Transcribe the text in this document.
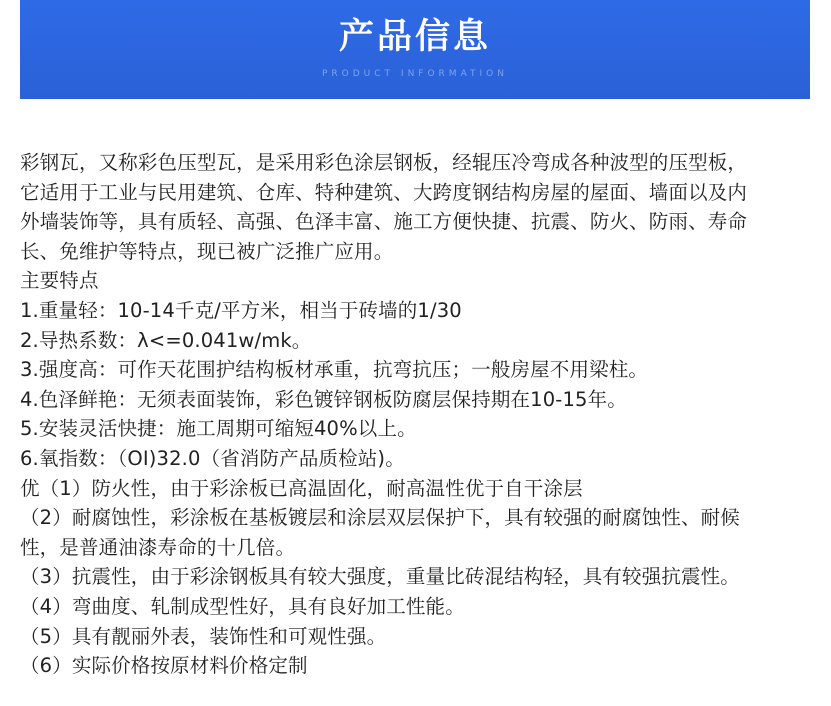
产品信息
PRODUCT INFORMATION

彩钢瓦，又称彩色压型瓦，是采用彩色涂层钢板，经辊压冷弯成各种波型的压型板，

它适用于工业与民用建筑、仓库、特种建筑、大跨度钢结构房屋的屋面、墙面以及内

外墙装饰等，具有质轻、高强、色泽丰富、施工方便快捷、抗震、防火、防雨、寿命

长、免维护等特点，现已被广泛推广应用。

主要特点

1.重量轻：10-14千克/平方米，相当于砖墙的1/30

2.导热系数：λ<=0.041w/mk。

3.强度高：可作天花围护结构板材承重，抗弯抗压；一般房屋不用梁柱。

4.色泽鲜艳：无须表面装饰，彩色镀锌钢板防腐层保持期在10-15年。

5.安装灵活快捷：施工周期可缩短40%以上。

6.氧指数：（OI)32.0（省消防产品质检站)。

优（1）防火性，由于彩涂板已高温固化，耐高温性优于自干涂层

（2）耐腐蚀性，彩涂板在基板镀层和涂层双层保护下，具有较强的耐腐蚀性、耐候

性，是普通油漆寿命的十几倍。

（3）抗震性，由于彩涂钢板具有较大强度，重量比砖混结构轻，具有较强抗震性。

（4）弯曲度、轧制成型性好，具有良好加工性能。

（5）具有靓丽外表，装饰性和可观性强。

（6）实际价格按原材料价格定制
